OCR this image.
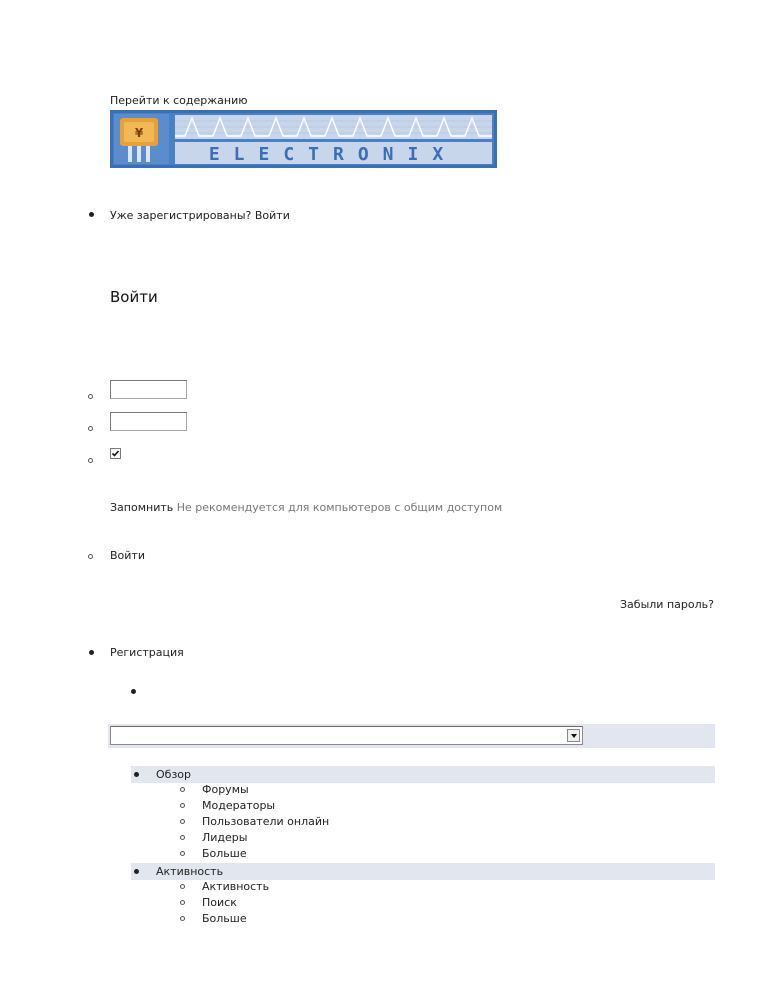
Перейти к содержанию
¥
ELECTRONIX
Уже зарегистрированы? Войти
Войти
Запомнить Не рекомендуется для компьютеров с общим доступом
Войти
Забыли пароль?
Регистрация
Обзор
Форумы
Модераторы
Пользователи онлайн
Лидеры
Больше
Активность
Активность
Поиск
Больше
